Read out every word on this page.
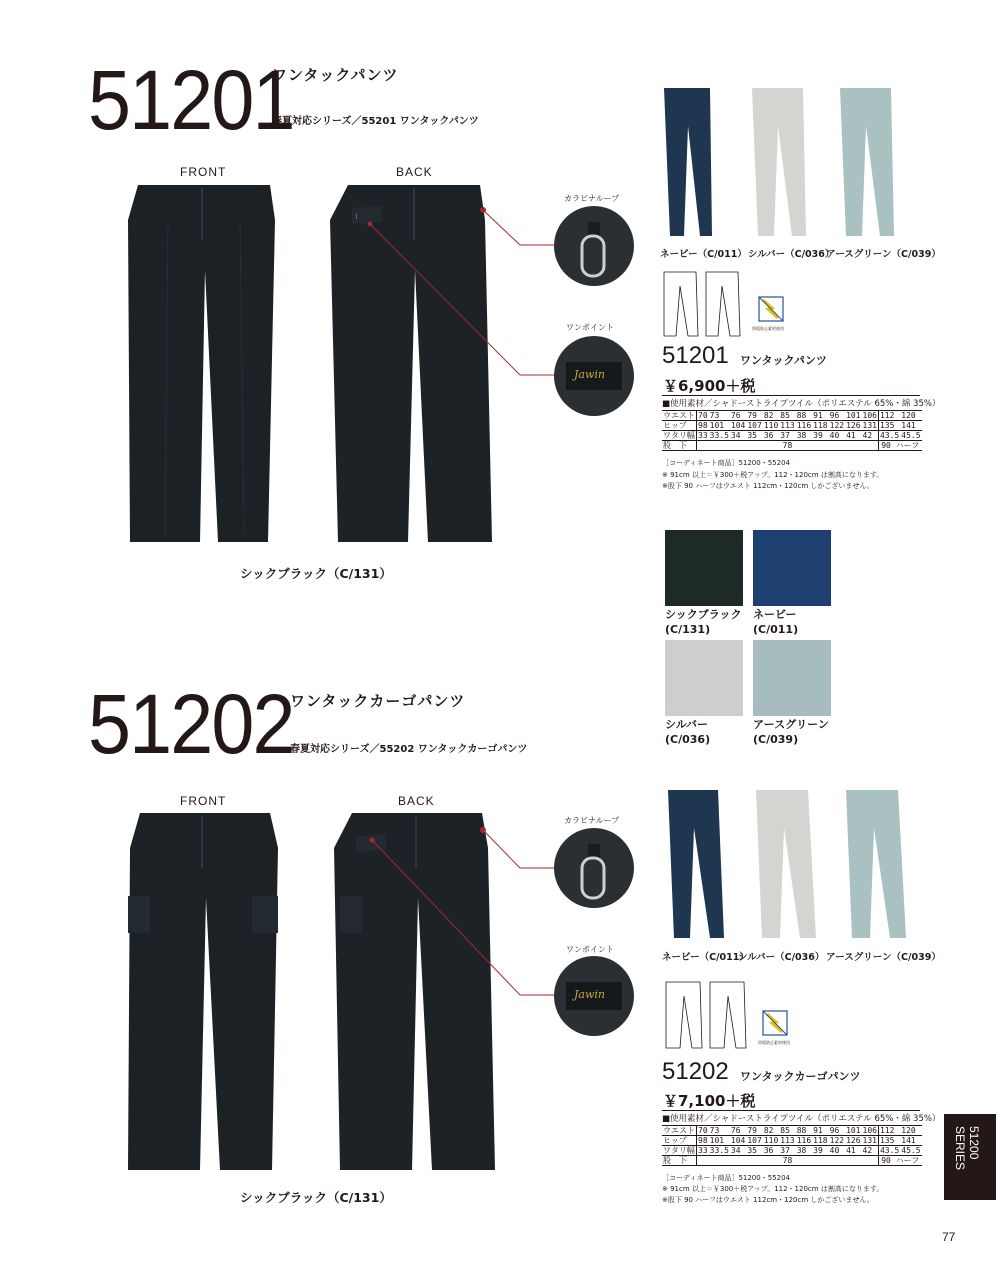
51201
ワンタックパンツ
春夏対応シリーズ／55201 ワンタックパンツ
FRONT	BACK
J
カラビナループ
ワンポイント
Jawin
シックブラック（C/131）
ネービー（C/011） シルバー（C/036）
アースグリーン（C/039）
帯電防止素材使用
51201 ワンタックパンツ
￥6,900＋税
■使用素材／シャドーストライプツイル（ポリエステル 65%・綿 35%）
ウエスト	70	73	76	79	82	85	88	91	96	101	106	112	120
ヒップ	98	101	104	107	110	113	116	118	122	126	131	135	141
ワタリ幅	33	33.5	34	35	36	37	38	39	40	41	42	43.5	45.5
股　下	78											90 ハーフ	
［コーディネート商品］51200・55204
※ 91cm 以上＝￥300＋税アップ。112・120cm は割高になります。
※股下 90 ハーフはウエスト 112cm・120cm しかございません。
シックブラック
(C/131)
ネービー
(C/011)
シルバー
(C/036)
アースグリーン
(C/039)
51202
ワンタックカーゴパンツ
春夏対応シリーズ／55202 ワンタックカーゴパンツ
FRONT	BACK
カラビナループ
ワンポイント
Jawin
シックブラック（C/131）
ネービー（C/011）
シルバー（C/036） アースグリーン（C/039）
帯電防止素材使用
51202 ワンタックカーゴパンツ
￥7,100＋税
■使用素材／シャドーストライプツイル（ポリエステル 65%・綿 35%）
ウエスト	70	73	76	79	82	85	88	91	96	101	106	112	120
ヒップ	98	101	104	107	110	113	116	118	122	126	131	135	141
ワタリ幅	33	33.5	34	35	36	37	38	39	40	41	42	43.5	45.5
股　下	78											90 ハーフ	
［コーディネート商品］51200・55204
※ 91cm 以上＝￥300＋税アップ。112・120cm は割高になります。
※股下 90 ハーフはウエスト 112cm・120cm しかございません。
51200
SERIES
77
